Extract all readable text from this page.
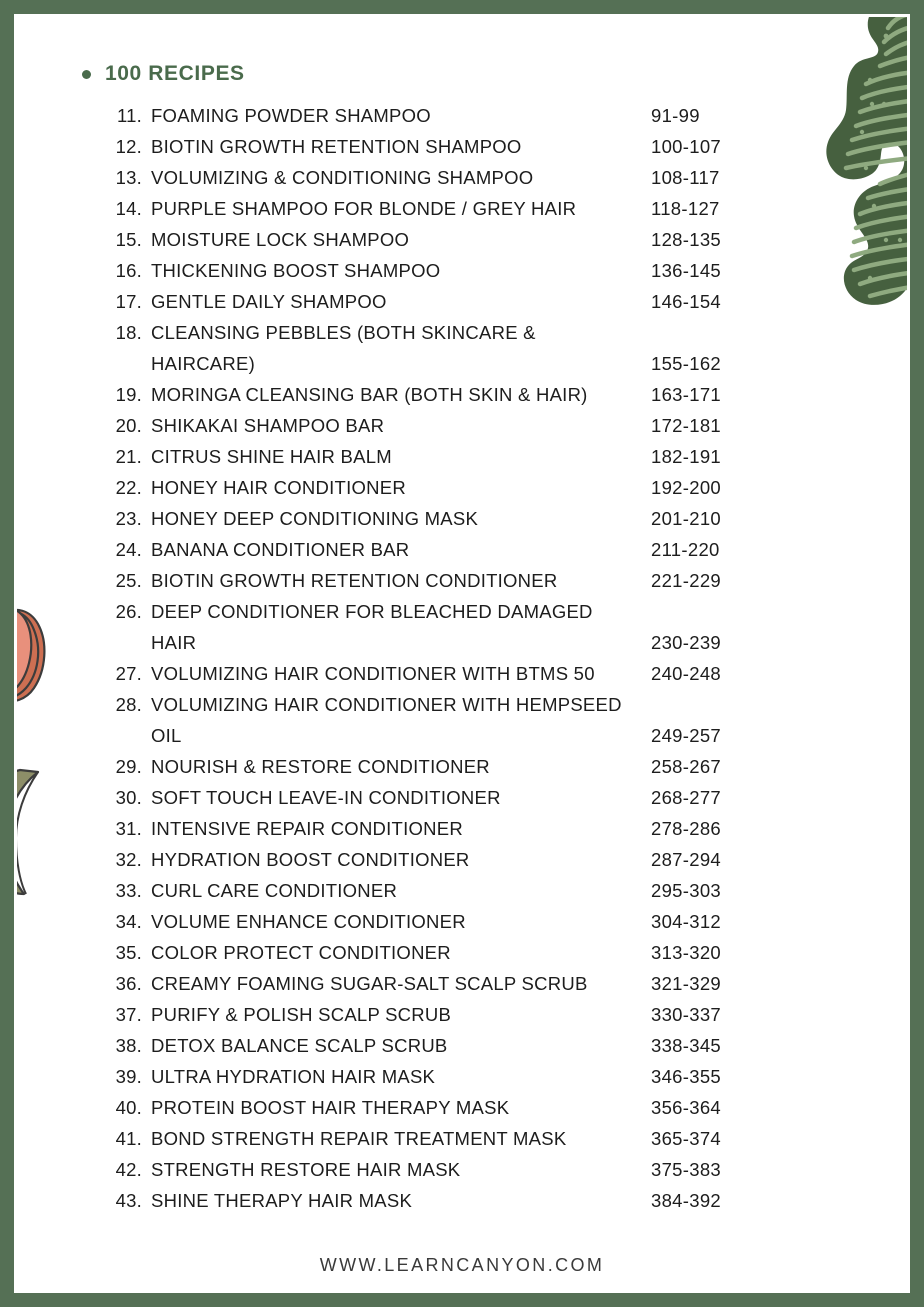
100 RECIPES
11. FOAMING POWDER SHAMPOO	91-99
12. BIOTIN GROWTH RETENTION SHAMPOO	100-107
13. VOLUMIZING & CONDITIONING SHAMPOO	108-117
14. PURPLE SHAMPOO FOR BLONDE / GREY HAIR	118-127
15. MOISTURE LOCK SHAMPOO	128-135
16. THICKENING BOOST SHAMPOO	136-145
17. GENTLE DAILY SHAMPOO	146-154
18. CLEANSING PEBBLES (BOTH SKINCARE &
HAIRCARE)	155-162
19. MORINGA CLEANSING BAR (BOTH SKIN & HAIR)	163-171
20. SHIKAKAI SHAMPOO BAR	172-181
21. CITRUS SHINE HAIR BALM	182-191
22. HONEY HAIR CONDITIONER	192-200
23. HONEY DEEP CONDITIONING MASK	201-210
24. BANANA CONDITIONER BAR	211-220
25. BIOTIN GROWTH RETENTION CONDITIONER	221-229
26. DEEP CONDITIONER FOR BLEACHED DAMAGED
HAIR	230-239
27. VOLUMIZING HAIR CONDITIONER WITH BTMS 50	240-248
28. VOLUMIZING HAIR CONDITIONER WITH HEMPSEED
OIL	249-257
29. NOURISH & RESTORE CONDITIONER	258-267
30. SOFT TOUCH LEAVE-IN CONDITIONER	268-277
31. INTENSIVE REPAIR CONDITIONER	278-286
32. HYDRATION BOOST CONDITIONER	287-294
33. CURL CARE CONDITIONER	295-303
34. VOLUME ENHANCE CONDITIONER	304-312
35. COLOR PROTECT CONDITIONER	313-320
36. CREAMY FOAMING SUGAR-SALT SCALP SCRUB	321-329
37. PURIFY & POLISH SCALP SCRUB	330-337
38. DETOX BALANCE SCALP SCRUB	338-345
39. ULTRA HYDRATION HAIR MASK	346-355
40. PROTEIN BOOST HAIR THERAPY MASK	356-364
41. BOND STRENGTH REPAIR TREATMENT MASK	365-374
42. STRENGTH RESTORE HAIR MASK	375-383
43. SHINE THERAPY HAIR MASK	384-392
WWW.LEARNCANYON.COM
